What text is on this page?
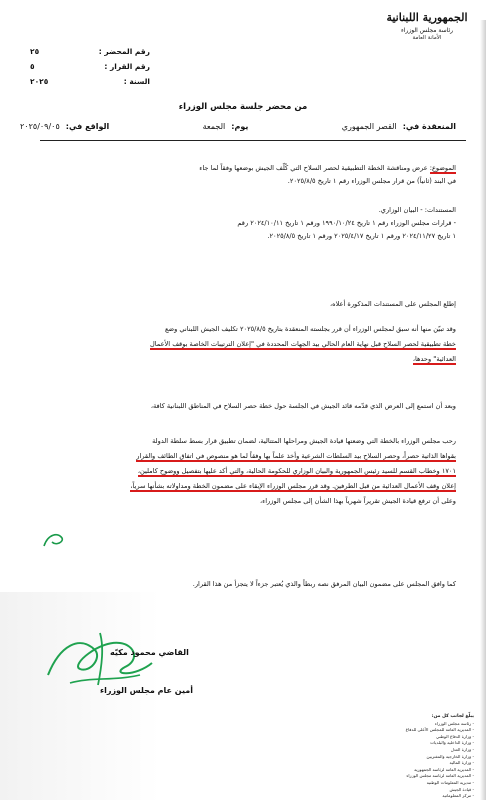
الجمهورية اللبنانية
رئاسة مجلس الوزراء
الأمانة العامة
رقم المحضر :
٢٥
رقم القرار :
٥
السنة :
٢٠٢٥
من محضر جلسة مجلس الوزراء
المنعقدة في:
القصر الجمهوري
يوم:
الجمعة
الواقع في:
٢٠٢٥/٠٩/٠٥

الموضوع: عرض ومناقشة الخطة التطبيقية لحصر السلاح التي كُلّف الجيش بوضعها وفقاً لما جاء

في البند (ثانياً) من قرار مجلس الوزراء رقم ١ تاريخ ٢٠٢٥/٨/٥.

المستندات: - البيان الوزاري.

- قرارات مجلس الوزراء رقم ١ تاريخ ١٩٩٠/١٠/٢٤ ورقم ١ تاريخ ٢٠٢٤/١٠/١١ رقم

١ تاريخ ٢٠٢٤/١١/٢٧ ورقم ١ تاريخ ٢٠٢٥/٤/١٧ ورقم ١ تاريخ ٢٠٢٥/٨/٥.

إطلع المجلس على المستندات المذكورة أعلاه،

وقد تبيّن منها أنه سبق لمجلس الوزراء أن قرر بجلسته المنعقدة بتاريخ ٢٠٢٥/٨/٥ تكليف الجيش اللبناني وضع

خطة تطبيقية لحصر السلاح قبل نهاية العام الحالي بيد الجهات المحددة في "إعلان الترتيبات الخاصة بوقف الأعمال

العدائية" وحدها،

وبعد أن استمع إلى العرض الذي قدّمه قائد الجيش في الجلسة حول خطة حصر السلاح في المناطق اللبنانية كافة،

رحب مجلس الوزراء بالخطة التي وضعتها قيادة الجيش ومراحلها المتتالية، لضمان تطبيق قرار بسط سلطة الدولة

بقواها الذاتية حصراً، وحصر السلاح بيد السلطات الشرعية وأخذ علماً بها وفقاً لما هو منصوص في اتفاق الطائف والقرار

١٧٠١ وخطاب القسم للسيد رئيس الجمهورية والبيان الوزاري للحكومة الحالية، والتي أكد عليها بتفصيل ووضوح كاملين،

إعلان وقف الأعمال العدائية من قبل الطرفين. وقد قرر مجلس الوزراء الإبقاء على مضمون الخطة ومداولاته بشأنها سرياً،

وعلى أن ترفع قيادة الجيش تقريراً شهرياً بهذا الشأن إلى مجلس الوزراء،

كما وافق المجلس على مضمون البيان المرفق نصه ربطاً والذي يُعتبر جزءاً لا يتجزأ من هذا القرار.

القاضي محمود مكيّه
أمين عام مجلس الوزراء
يبلّغ لجانب كل من:
- رئاسة مجلس الوزراء
- المديرية العامة للمجلس الأعلى للدفاع
- وزارة الدفاع الوطني
- وزارة الداخلية والبلديات
- وزارة العدل
- وزارة الخارجية والمغتربين
- وزارة المالية
- المديرية العامة لرئاسة الجمهورية
- المديرية العامة لرئاسة مجلس الوزراء
- مديرية المعلومات الوطنية
- قيادة الجيش
- مركز المعلوماتية
